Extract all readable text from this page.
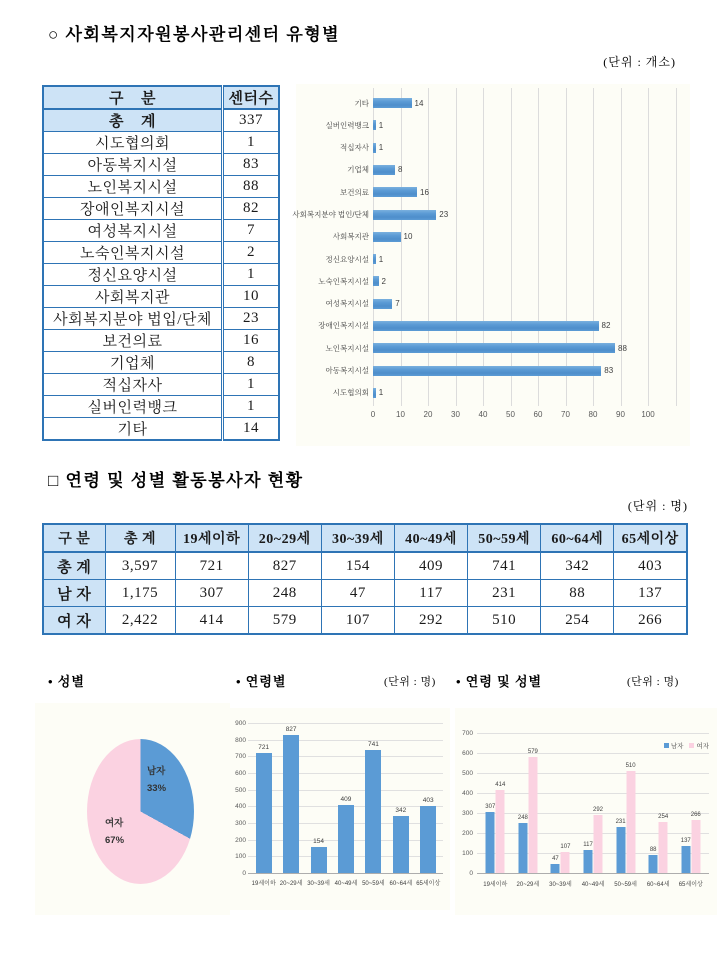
○ 사회복지자원봉사관리센터 유형별
(단위 : 개소)
구    분	센터수
총    계	337
시도협의회	1
아동복지시설	83
노인복지시설	88
장애인복지시설	82
여성복지시설	7
노숙인복지시설	2
정신요양시설	1
사회복지관	10
사회복지분야 법입/단체	23
보건의료	16
기업체	8
적십자사	1
실버인력뱅크	1
기타	14
기타	14
실버인력뱅크 1
적십자사 1
기업체	8
보건의료	16
사회복지분야 법인/단체	23
사회복지관	10
정신요양시설 1
노숙인복지시설 2
여성복지시설	7
장애인복지시설	82
노인복지시설	88
아동복지시설	83
시도협의회 1
0	10 20 30 40 50 60 70 80 90 100
□ 연령 및 성별 활동봉사자 현황
(단위 : 명)
구 분	총 계	19세이하	20~29세	30~39세	40~49세	50~59세	60~64세	65세이상
총 계	3,597	721	827	154	409	741	342	403
남 자	1,175	307	248	47	117	231	88	137
여 자	2,422	414	579	107	292	510	254	266
• 성별	• 연령별	(단위 : 명) • 연령 및 성별	(단위 : 명)
남자
33%
여자
67%
0
100
200
300
400
500
600
700
800
900
721
827
154
409
741
342
403
19세이하 20~29세 30~39세 40~49세 50~59세 60~64세 65세이상
0
100
200
300
400
500
600
700
남자 여자
307
414
248
579
47
107 117
292
231
510
88
254
137
266
19세이하	20~29세	30~39세	40~49세	50~59세	60~64세	65세이상
